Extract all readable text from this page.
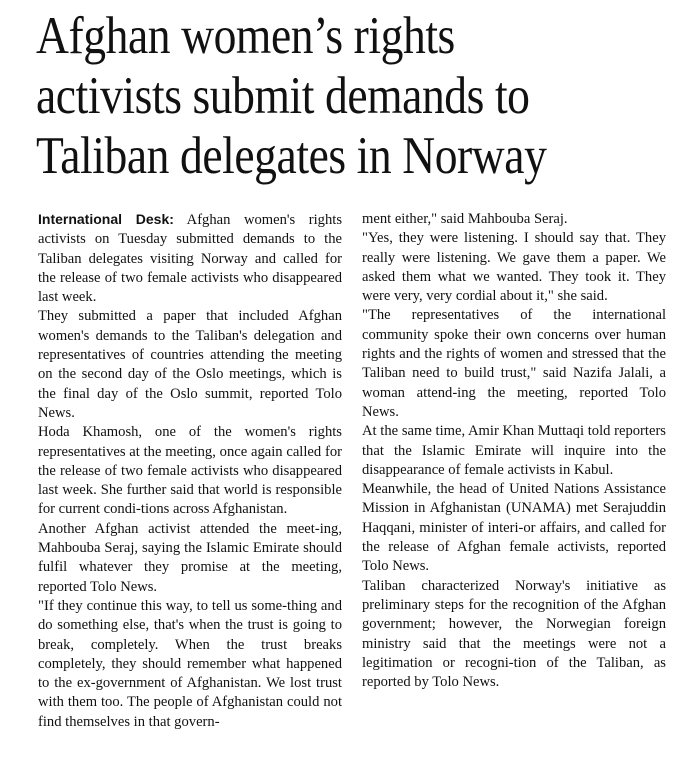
Afghan women’s rights
activists submit demands to
Taliban delegates in Norway

International Desk: Afghan women's rights activists on Tuesday submitted demands to the Taliban delegates visiting Norway and called for the release of two female activists who disappeared last week.

They submitted a paper that included Afghan women's demands to the Taliban's delegation and representatives of countries attending the meeting on the second day of the Oslo meetings, which is the final day of the Oslo summit, reported Tolo News.

Hoda Khamosh, one of the women's rights representatives at the meeting, once again called for the release of two female activists who disappeared last week. She further said that world is responsible for current condi-tions across Afghanistan.

Another Afghan activist attended the meet-ing, Mahbouba Seraj, saying the Islamic Emirate should fulfil whatever they promise at the meeting, reported Tolo News.

"If they continue this way, to tell us some-thing and do something else, that's when the trust is going to break, completely. When the trust breaks completely, they should remember what happened to the ex-government of Afghanistan. We lost trust with them too. The people of Afghanistan could not find themselves in that govern-

ment either," said Mahbouba Seraj.

"Yes, they were listening. I should say that. They really were listening. We gave them a paper. We asked them what we wanted. They took it. They were very, very cordial about it," she said.

"The representatives of the international community spoke their own concerns over human rights and the rights of women and stressed that the Taliban need to build trust," said Nazifa Jalali, a woman attend-ing the meeting, reported Tolo News.

At the same time, Amir Khan Muttaqi told reporters that the Islamic Emirate will inquire into the disappearance of female activists in Kabul.

Meanwhile, the head of United Nations Assistance Mission in Afghanistan (UNAMA) met Serajuddin Haqqani, minister of interi-or affairs, and called for the release of Afghan female activists, reported Tolo News.

Taliban characterized Norway's initiative as preliminary steps for the recognition of the Afghan government; however, the Norwegian foreign ministry said that the meetings were not a legitimation or recogni-tion of the Taliban, as reported by Tolo News.
